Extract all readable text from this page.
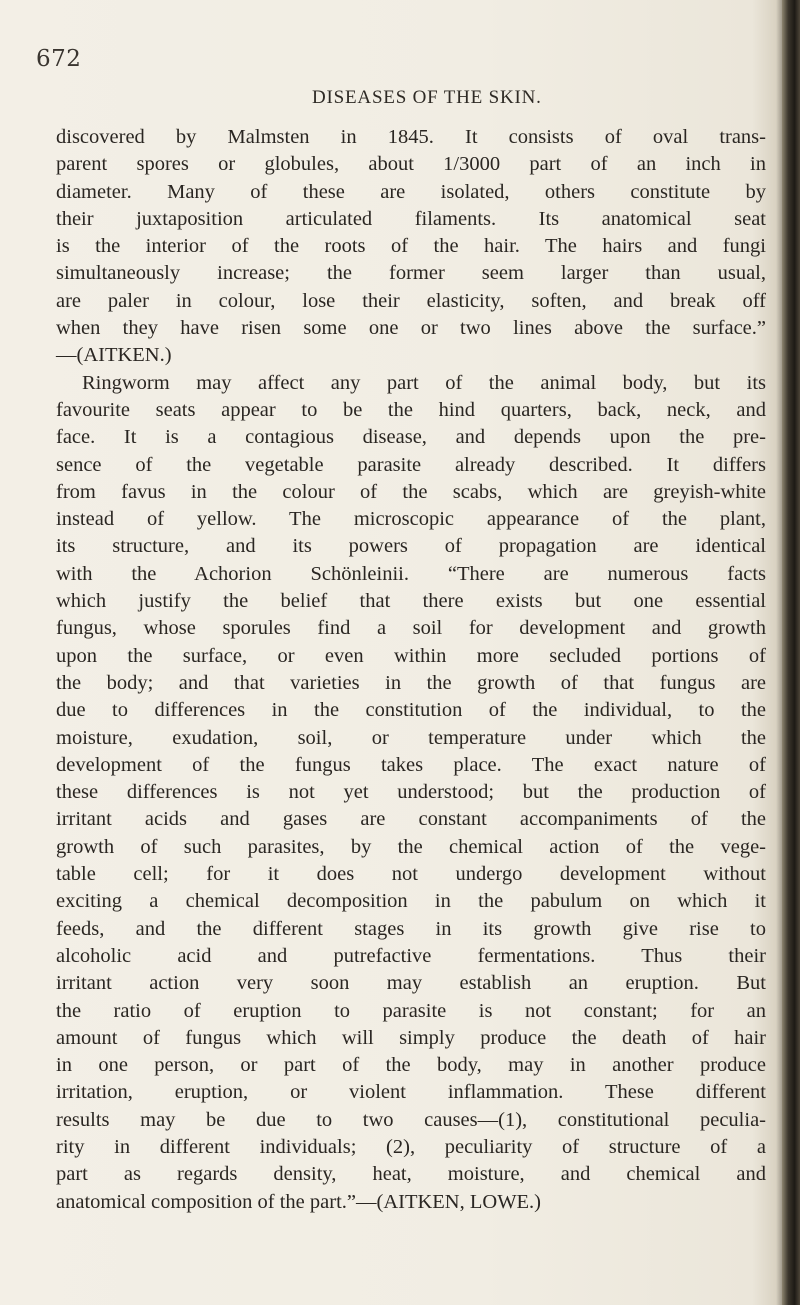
672
DISEASES OF THE SKIN.
discovered by Malmsten in 1845. It consists of oval trans-
parent spores or globules, about 1/3000 part of an inch in
diameter. Many of these are isolated, others constitute by
their juxtaposition articulated filaments. Its anatomical seat
is the interior of the roots of the hair. The hairs and fungi
simultaneously increase; the former seem larger than usual,
are paler in colour, lose their elasticity, soften, and break off
when they have risen some one or two lines above the surface.”
—(AITKEN.)
Ringworm may affect any part of the animal body, but its
favourite seats appear to be the hind quarters, back, neck, and
face. It is a contagious disease, and depends upon the pre-
sence of the vegetable parasite already described. It differs
from favus in the colour of the scabs, which are greyish-white
instead of yellow. The microscopic appearance of the plant,
its structure, and its powers of propagation are identical
with the Achorion Schönleinii. “There are numerous facts
which justify the belief that there exists but one essential
fungus, whose sporules find a soil for development and growth
upon the surface, or even within more secluded portions of
the body; and that varieties in the growth of that fungus are
due to differences in the constitution of the individual, to the
moisture, exudation, soil, or temperature under which the
development of the fungus takes place. The exact nature of
these differences is not yet understood; but the production of
irritant acids and gases are constant accompaniments of the
growth of such parasites, by the chemical action of the vege-
table cell; for it does not undergo development without
exciting a chemical decomposition in the pabulum on which it
feeds, and the different stages in its growth give rise to
alcoholic acid and putrefactive fermentations. Thus their
irritant action very soon may establish an eruption. But
the ratio of eruption to parasite is not constant; for an
amount of fungus which will simply produce the death of hair
in one person, or part of the body, may in another produce
irritation, eruption, or violent inflammation. These different
results may be due to two causes—(1), constitutional peculia-
rity in different individuals; (2), peculiarity of structure of a
part as regards density, heat, moisture, and chemical and
anatomical composition of the part.”—(AITKEN, LOWE.)
